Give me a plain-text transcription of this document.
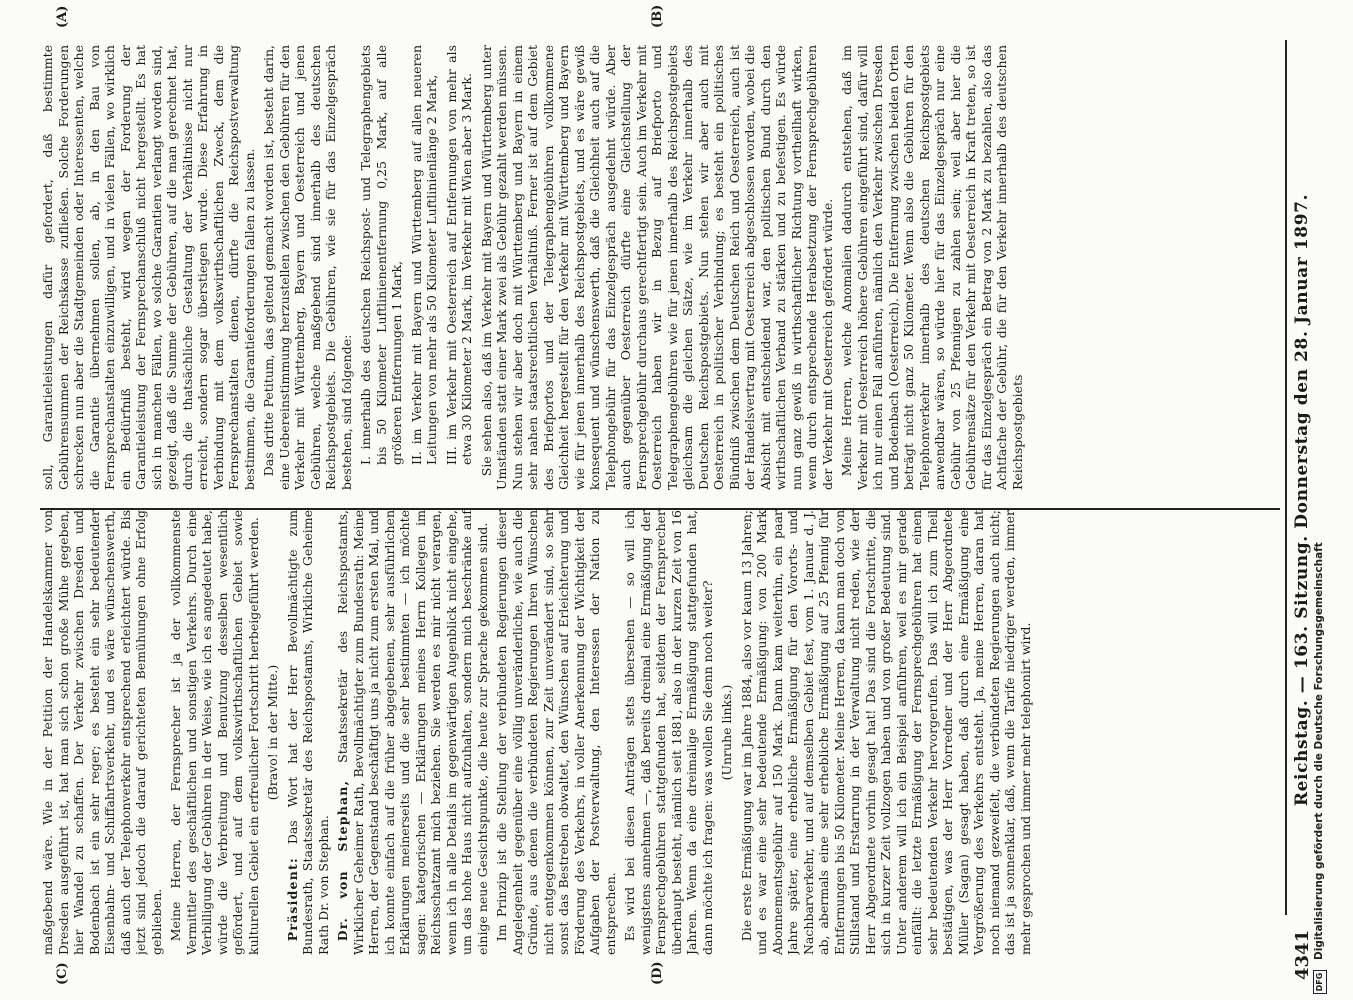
4341
Reichstag. — 163. Sitzung. Donnerstag den 28. Januar 1897.
(A)	(B)
(C)	(D)

soll, Garantieleistungen dafür gefordert, daß bestimmte Gebührensummen der Reichskasse zufließen. Solche Forderungen schrecken nun aber die Stadtgemeinden oder Interessenten, welche die Garantie übernehmen sollen, ab, in den Bau von Fernsprechanstalten einzuwilligen, und in vielen Fällen, wo wirklich ein Bedürfniß besteht, wird wegen der Forderung der Garantieleistung der Fernsprechanschluß nicht hergestellt. Es hat sich in manchen Fällen, wo solche Garantien verlangt worden sind, gezeigt, daß die Summe der Gebühren, auf die man gerechnet hat, durch die thatsächliche Gestaltung der Verhältnisse nicht nur erreicht, sondern sogar überstiegen wurde. Diese Erfahrung in Verbindung mit dem volkswirthschaftlichen Zweck, dem die Fernsprechanstalten dienen, dürfte die Reichspostverwaltung bestimmen, die Garantieforderungen fallen zu lassen. Das dritte Petitum, das geltend gemacht worden ist, besteht darin, eine Uebereinstimmung herzustellen zwischen den Gebühren für den Verkehr mit Württemberg, Bayern und Oesterreich und jenen Gebühren, welche maßgebend sind innerhalb des deutschen Reichspostgebiets. Die Gebühren, wie sie für das Einzelgespräch bestehen, sind folgende: I. innerhalb des deutschen Reichspost- und Telegraphengebiets bis 50 Kilometer Luftlinienentfernung 0,25 Mark, auf alle größeren Entfernungen 1 Mark, II. im Verkehr mit Bayern und Württemberg auf allen neueren Leitungen von mehr als 50 Kilometer Luftlinienlänge 2 Mark, III. im Verkehr mit Oesterreich auf Entfernungen von mehr als etwa 30 Kilometer 2 Mark, im Verkehr mit Wien aber 3 Mark. Sie sehen also, daß im Verkehr mit Bayern und Württemberg unter Umständen statt einer Mark zwei als Gebühr gezahlt werden müssen. Nun stehen wir aber doch mit Württemberg und Bayern in einem sehr nahen staatsrechtlichen Verhältniß. Ferner ist auf dem Gebiet des Briefportos und der Telegraphengebühren vollkommene Gleichheit hergestellt für den Verkehr mit Württemberg und Bayern wie für jenen innerhalb des Reichspostgebiets, und es wäre gewiß konsequent und wünschenswerth, daß die Gleichheit auch auf die Telephongebühr für das Einzelgespräch ausgedehnt würde. Aber auch gegenüber Oesterreich dürfte eine Gleichstellung der Fernsprechgebühr durchaus gerechtfertigt sein. Auch im Verkehr mit Oesterreich haben wir in Bezug auf Briefporto und Telegraphengebühren wie für jenen innerhalb des Reichspostgebiets gleichsam die gleichen Sätze, wie im Verkehr innerhalb des Deutschen Reichspostgebiets. Nun stehen wir aber auch mit Oesterreich in politischer Verbindung; es besteht ein politisches Bündniß zwischen dem Deutschen Reich und Oesterreich, auch ist der Handelsvertrag mit Oesterreich abgeschlossen worden, wobei die Absicht mit entscheidend war, den politischen Bund durch den wirthschaftlichen Verband zu stärken und zu befestigen. Es würde nun ganz gewiß in wirthschaftlicher Richtung vortheilhaft wirken, wenn durch entsprechende Herabsetzung der Fernsprechgebühren der Verkehr mit Oesterreich gefördert würde. Meine Herren, welche Anomalien dadurch entstehen, daß im Verkehr mit Oesterreich höhere Gebühren eingeführt sind, dafür will ich nur einen Fall anführen, nämlich den Verkehr zwischen Dresden und Bodenbach (Oesterreich). Die Entfernung zwischen beiden Orten beträgt nicht ganz 50 Kilometer. Wenn also die Gebühren für den Telephonverkehr innerhalb des deutschen Reichspostgebiets anwendbar wären, so würde hier für das Einzelgespräch nur eine Gebühr von 25 Pfennigen zu zahlen sein; weil aber hier die Gebührensätze für den Verkehr mit Oesterreich in Kraft treten, so ist für das Einzelgespräch ein Betrag von 2 Mark zu bezahlen, also das Achtfache der Gebühr, die für den Verkehr innerhalb des deutschen Reichspostgebiets

maßgebend wäre. Wie in der Petition der Handelskammer von Dresden ausgeführt ist, hat man sich schon große Mühe gegeben, hier Wandel zu schaffen. Der Verkehr zwischen Dresden und Bodenbach ist ein sehr reger; es besteht ein sehr bedeutender Eisenbahn- und Schiffahrtsverkehr, und es wäre wünschenswerth, daß auch der Telephonverkehr entsprechend erleichtert würde. Bis jetzt sind jedoch die darauf gerichteten Bemühungen ohne Erfolg geblieben. Meine Herren, der Fernsprecher ist ja der vollkommenste Vermittler des geschäftlichen und sonstigen Verkehrs. Durch eine Verbilligung der Gebühren in der Weise, wie ich es angedeutet habe, würde die Verbreitung und Benutzung desselben wesentlich gefördert, und auf dem volkswirthschaftlichen Gebiet sowie kulturellen Gebiet ein erfreulicher Fortschritt herbeigeführt werden. (Bravo! in der Mitte.)

Präsident: Das Wort hat der Herr Bevollmächtigte zum Bundesrath, Staatssekretär des Reichspostamts, Wirkliche Geheime Rath Dr. von Stephan. Dr. von Stephan, Staatssekretär des Reichspostamts, Wirklicher Geheimer Rath, Bevollmächtigter zum Bundesrath: Meine Herren, der Gegenstand beschäftigt uns ja nicht zum ersten Mal, und ich konnte einfach auf die früher abgegebenen, sehr ausführlichen Erklärungen meinerseits und die sehr bestimmten — ich möchte sagen: kategorischen — Erklärungen meines Herrn Kollegen im Reichsschatzamt mich beziehen. Sie werden es mir nicht verargen, wenn ich in alle Details im gegenwärtigen Augenblick nicht eingehe, um das hohe Haus nicht aufzuhalten, sondern mich beschränke auf einige neue Gesichtspunkte, die heute zur Sprache gekommen sind. Im Prinzip ist die Stellung der verbündeten Regierungen dieser Angelegenheit gegenüber eine völlig unveränderliche, wie auch die Gründe, aus denen die verbündeten Regierungen Ihren Wünschen nicht entgegenkommen können, zur Zeit unverändert sind, so sehr sonst das Bestreben obwaltet, den Wünschen auf Erleichterung und Förderung des Verkehrs, in voller Anerkennung der Wichtigkeit der Aufgaben der Postverwaltung, den Interessen der Nation zu entsprechen. Es wird bei diesen Anträgen stets übersehen — so will ich wenigstens annehmen —, daß bereits dreimal eine Ermäßigung der Fernsprechgebühren stattgefunden hat, seitdem der Fernsprecher überhaupt besteht, nämlich seit 1881, also in der kurzen Zeit von 16 Jahren. Wenn da eine dreimalige Ermäßigung stattgefunden hat, dann möchte ich fragen: was wollen Sie denn noch weiter? (Unruhe links.) Die erste Ermäßigung war im Jahre 1884, also vor kaum 13 Jahren; und es war eine sehr bedeutende Ermäßigung: von 200 Mark Abonnementsgebühr auf 150 Mark. Dann kam weiterhin, ein paar Jahre später, eine erhebliche Ermäßigung für den Vororts- und Nachbarverkehr, und auf demselben Gebiet fest, vom 1. Januar d. J. ab, abermals eine sehr erhebliche Ermäßigung auf 25 Pfennig für Entfernungen bis 50 Kilometer. Meine Herren, da kann man doch von Stillstand und Erstarrung in der Verwaltung nicht reden, wie der Herr Abgeordnete vorhin gesagt hat! Das sind die Fortschritte, die sich in kurzer Zeit vollzogen haben und von großer Bedeutung sind. Unter anderem will ich ein Beispiel anführen, weil es mir gerade einfällt: die letzte Ermäßigung der Fernsprechgebühren hat einen sehr bedeutenden Verkehr hervorgerufen. Das will ich zum Theil bestätigen, was der Herr Vorredner und der Herr Abgeordnete Müller (Sagan) gesagt haben, daß durch eine Ermäßigung eine Vergrößerung des Verkehrs entsteht. Ja, meine Herren, daran hat noch niemand gezweifelt, die verbündeten Regierungen auch nicht; das ist ja sonnenklar, daß, wenn die Tarife niedriger werden, immer mehr gesprochen und immer mehr telephonirt wird.

DFG
Digitalisierung gefördert durch die Deutsche Forschungsgemeinschaft
